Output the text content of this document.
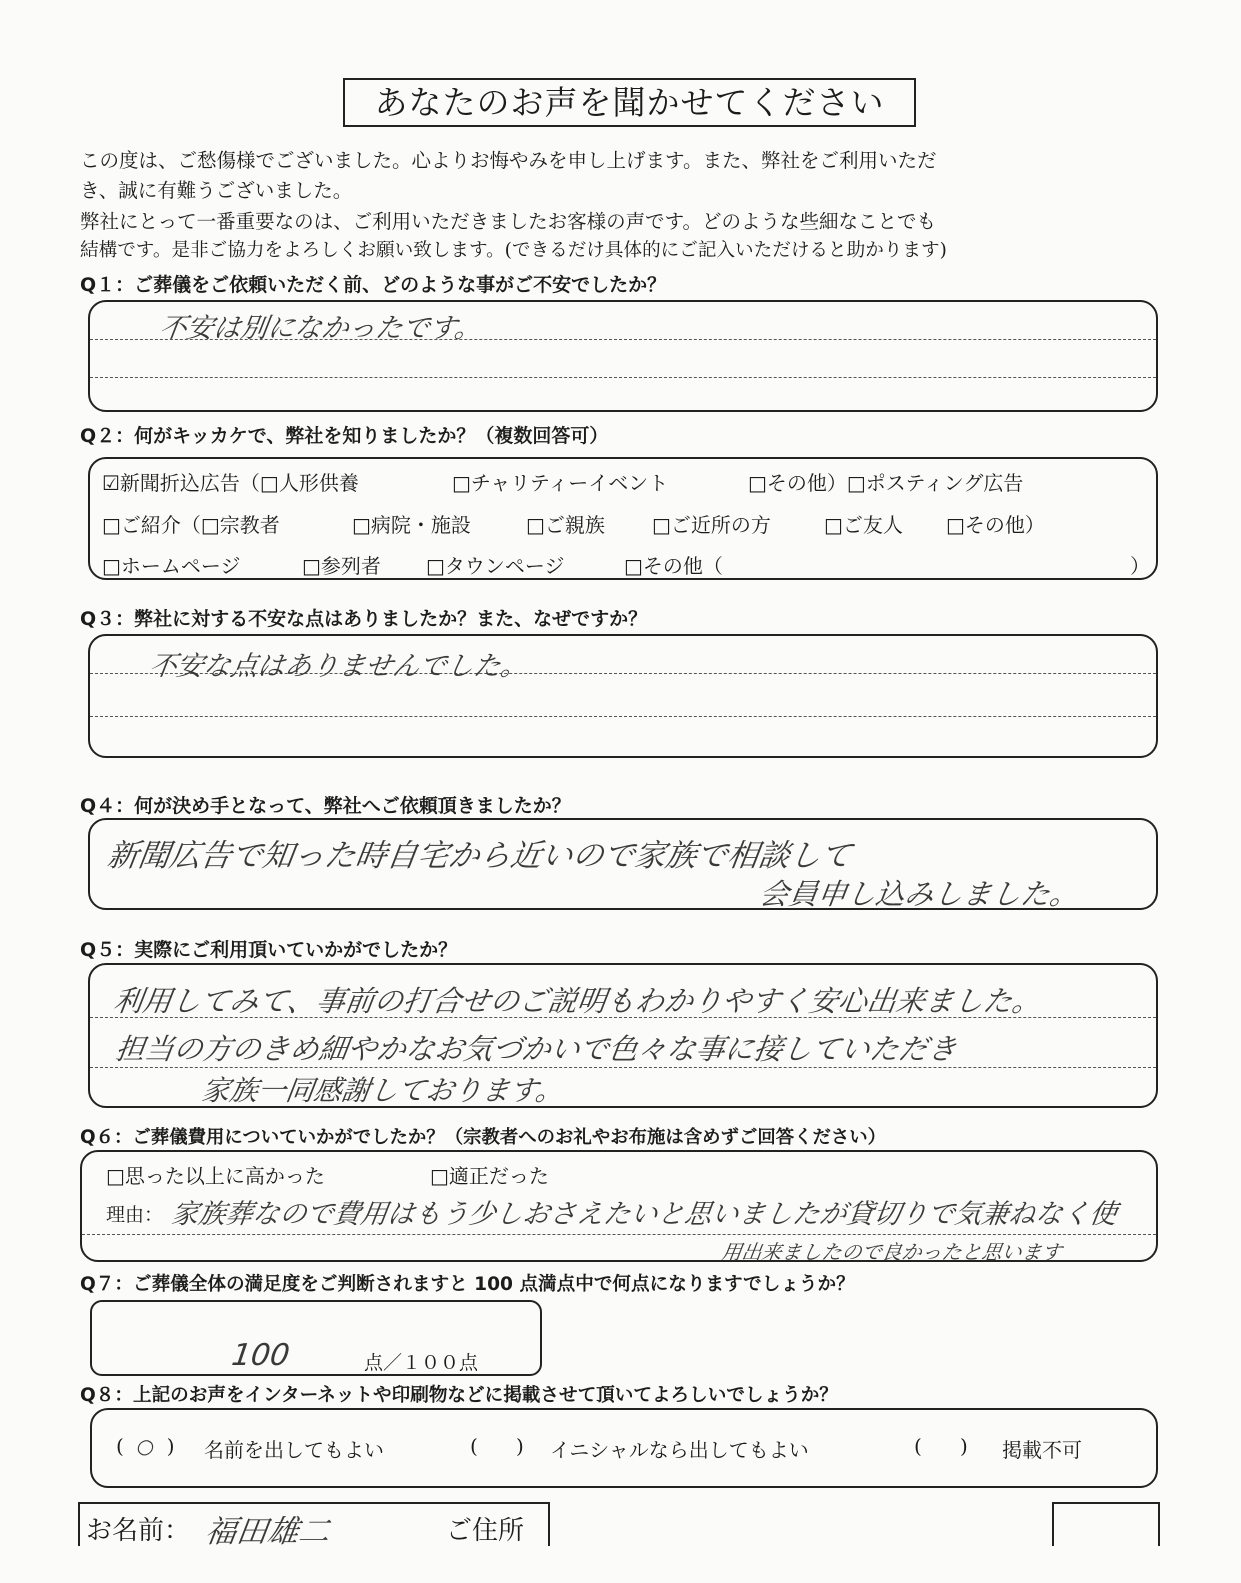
あなたのお声を聞かせてください
この度は、ご愁傷様でございました。心よりお悔やみを申し上げます。また、弊社をご利用いただ
き、誠に有難うございました。
弊社にとって一番重要なのは、ご利用いただきましたお客様の声です。どのような些細なことでも
結構です。是非ご協力をよろしくお願い致します。(できるだけ具体的にご記入いただけると助かります)
Q１：ご葬儀をご依頼いただく前、どのような事がご不安でしたか？
不安は別になかったです。
Q２：何がキッカケで、弊社を知りましたか？（複数回答可）
☑新聞折込広告（□人形供養	□チャリティーイベント	□その他）□ポスティング広告
□ご紹介（□宗教者	□病院・施設	□ご親族 □ご近所の方	□ご友人 □その他）
□ホームページ	□参列者 □タウンページ	□その他（	）
Q３：弊社に対する不安な点はありましたか？また、なぜですか？
不安な点はありませんでした。
Q４：何が決め手となって、弊社へご依頼頂きましたか？
新聞広告で知った時自宅から近いので家族で相談して
会員申し込みしました。
Q５：実際にご利用頂いていかがでしたか？
利用してみて、事前の打合せのご説明もわかりやすく安心出来ました。
担当の方のきめ細やかなお気づかいで色々な事に接していただき
家族一同感謝しております。
Q６：ご葬儀費用についていかがでしたか？（宗教者へのお礼やお布施は含めずご回答ください）
□思った以上に高かった	□適正だった
理由： 家族葬なので費用はもう少しおさえたいと思いましたが貸切りで気兼ねなく使
用出来ましたので良かったと思います
Q７：ご葬儀全体の満足度をご判断されますと 100 点満点中で何点になりますでしょうか？
100	点／１００点
Q８：上記のお声をインターネットや印刷物などに掲載させて頂いてよろしいでしょうか？
(  ○  ) 名前を出してもよい	(      ) イニシャルなら出してもよい	(      ) 掲載不可
お名前： 福田雄二	ご住所
